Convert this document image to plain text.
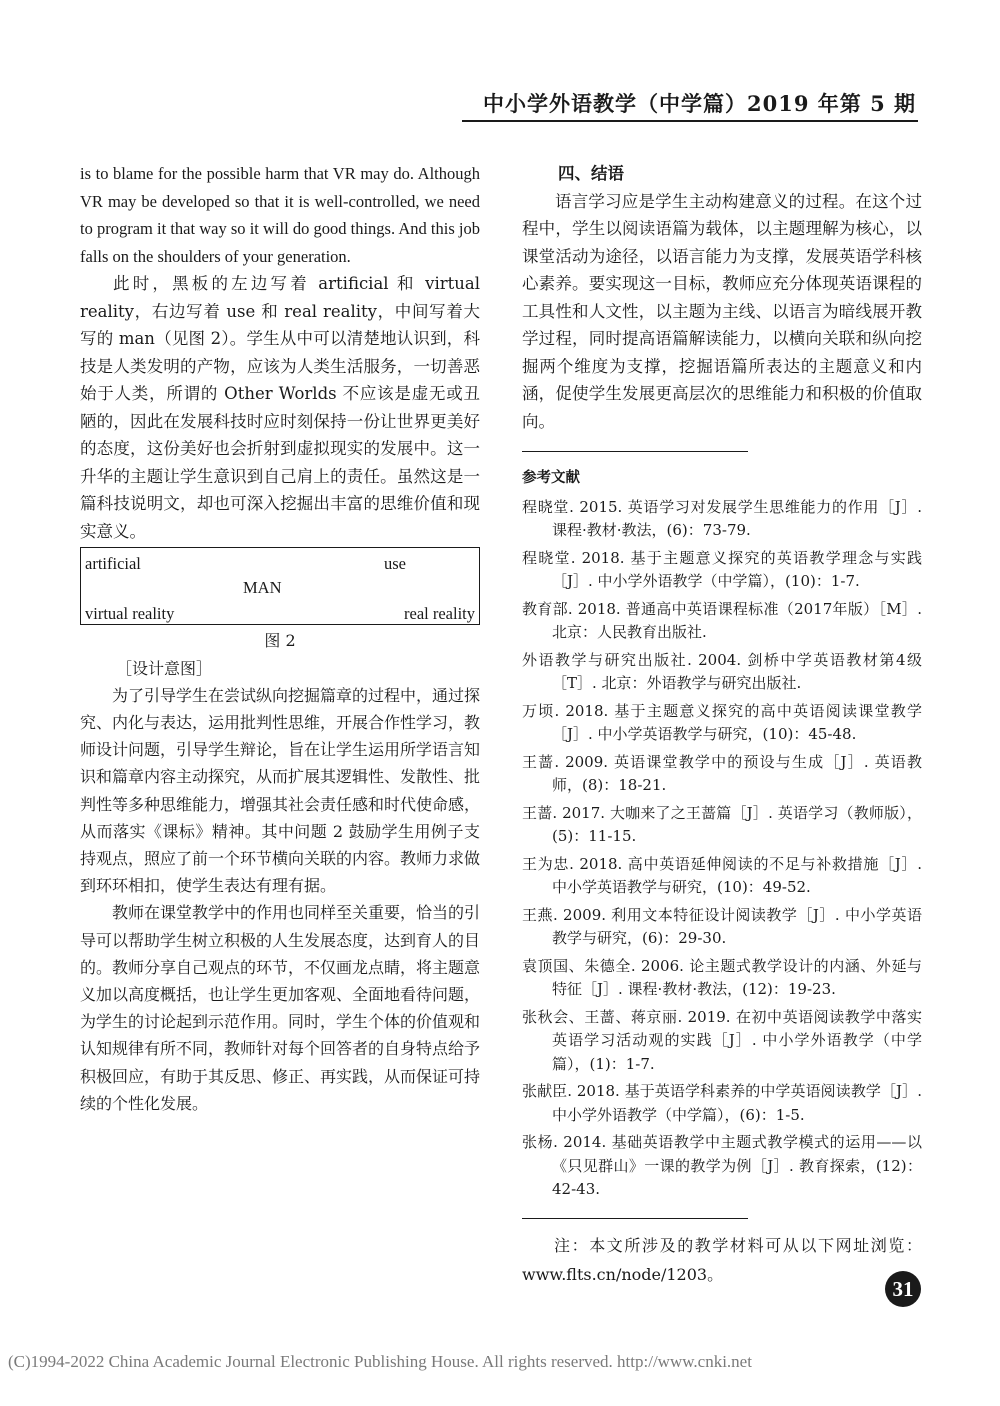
中小学外语教学（中学篇）2019 年第 5 期

is to blame for the possible harm that VR may do. Although VR may be developed so that it is well-controlled, we need to program it that way so it will do good things. And this job falls on the shoulders of your generation.

此时，黑板的左边写着 artificial 和 virtual reality，右边写着 use 和 real reality，中间写着大写的 man（见图 2）。学生从中可以清楚地认识到，科技是人类发明的产物，应该为人类生活服务，一切善恶始于人类，所谓的 Other Worlds 不应该是虚无或丑陋的，因此在发展科技时应时刻保持一份让世界更美好的态度，这份美好也会折射到虚拟现实的发展中。这一升华的主题让学生意识到自己肩上的责任。虽然这是一篇科技说明文，却也可深入挖掘出丰富的思维价值和现实意义。

artificial	use
MAN
virtual reality	real reality

图 2

［设计意图］

为了引导学生在尝试纵向挖掘篇章的过程中，通过探究、内化与表达，运用批判性思维，开展合作性学习，教师设计问题，引导学生辩论，旨在让学生运用所学语言知识和篇章内容主动探究，从而扩展其逻辑性、发散性、批判性等多种思维能力，增强其社会责任感和时代使命感，从而落实《课标》精神。其中问题 2 鼓励学生用例子支持观点，照应了前一个环节横向关联的内容。教师力求做到环环相扣，使学生表达有理有据。

教师在课堂教学中的作用也同样至关重要，恰当的引导可以帮助学生树立积极的人生发展态度，达到育人的目的。教师分享自己观点的环节，不仅画龙点睛，将主题意义加以高度概括，也让学生更加客观、全面地看待问题，为学生的讨论起到示范作用。同时，学生个体的价值观和认知规律有所不同，教师针对每个回答者的自身特点给予积极回应，有助于其反思、修正、再实践，从而保证可持续的个性化发展。

四、结语

语言学习应是学生主动构建意义的过程。在这个过程中，学生以阅读语篇为载体，以主题理解为核心，以课堂活动为途径，以语言能力为支撑，发展英语学科核心素养。要实现这一目标，教师应充分体现英语课程的工具性和人文性，以主题为主线、以语言为暗线展开教学过程，同时提高语篇解读能力，以横向关联和纵向挖掘两个维度为支撑，挖掘语篇所表达的主题意义和内涵，促使学生发展更高层次的思维能力和积极的价值取向。

参考文献

程晓堂. 2015. 英语学习对发展学生思维能力的作用［J］. 课程·教材·教法，(6)：73-79.

程晓堂. 2018. 基于主题意义探究的英语教学理念与实践［J］. 中小学外语教学（中学篇），(10)：1-7.

教育部. 2018. 普通高中英语课程标准（2017年版）［M］. 北京：人民教育出版社.

外语教学与研究出版社. 2004. 剑桥中学英语教材第4级［T］. 北京：外语教学与研究出版社.

万顷. 2018. 基于主题意义探究的高中英语阅读课堂教学［J］. 中小学英语教学与研究，(10)：45-48.

王蔷. 2009. 英语课堂教学中的预设与生成［J］. 英语教师，(8)：18-21.

王蔷. 2017. 大咖来了之王蔷篇［J］. 英语学习（教师版），(5)：11-15.

王为忠. 2018. 高中英语延伸阅读的不足与补救措施［J］. 中小学英语教学与研究，(10)：49-52.

王燕. 2009. 利用文本特征设计阅读教学［J］. 中小学英语教学与研究，(6)：29-30.

袁顶国、朱德全. 2006. 论主题式教学设计的内涵、外延与特征［J］. 课程·教材·教法，(12)：19-23.

张秋会、王蔷、蒋京丽. 2019. 在初中英语阅读教学中落实英语学习活动观的实践［J］. 中小学外语教学（中学篇），(1)：1-7.

张献臣. 2018. 基于英语学科素养的中学英语阅读教学［J］. 中小学外语教学（中学篇），(6)：1-5.

张杨. 2014. 基础英语教学中主题式教学模式的运用——以《只见群山》一课的教学为例［J］. 教育探索，(12)：42-43.

注：本文所涉及的教学材料可从以下网址浏览：www.flts.cn/node/1203。

31
(C)1994-2022 China Academic Journal Electronic Publishing House. All rights reserved. http://www.cnki.net
